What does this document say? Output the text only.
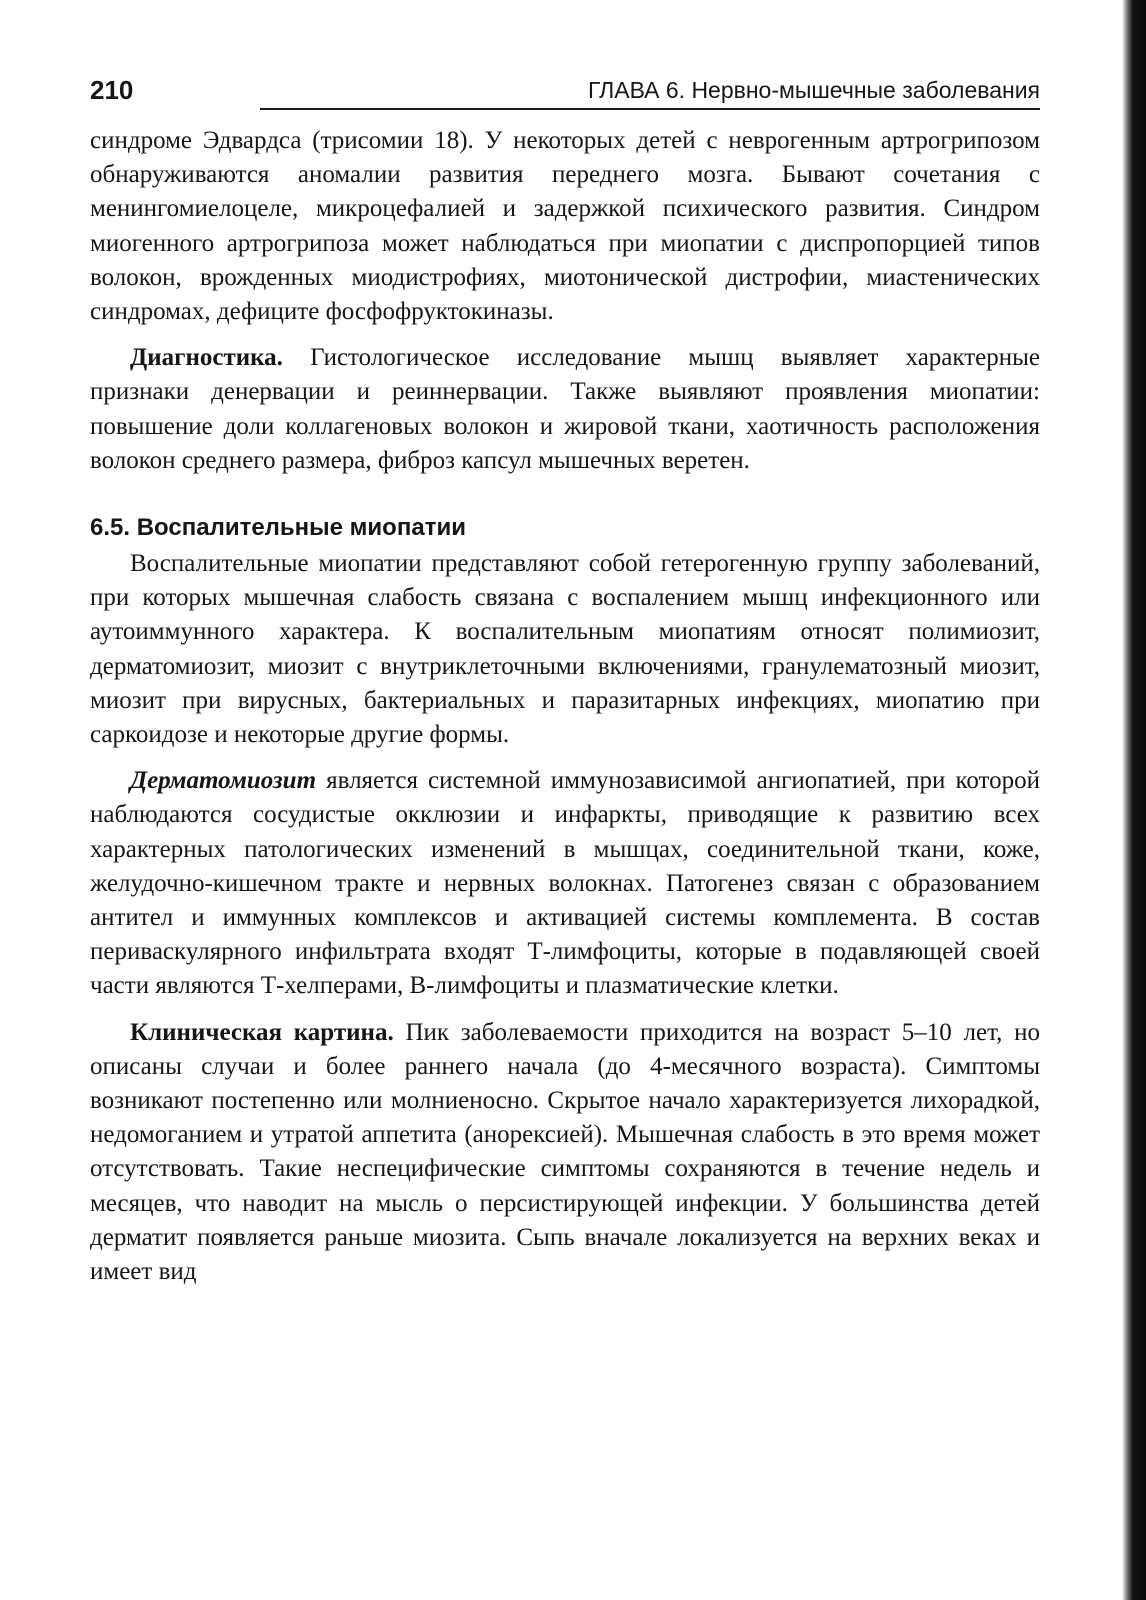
210	ГЛАВА 6. Нервно-мышечные заболевания

синдроме Эдвардса (трисомии 18). У некоторых детей с неврогенным артрогрипозом обнаруживаются аномалии развития переднего мозга. Бывают сочетания с менингомиелоцеле, микроцефалией и задержкой психического развития. Синдром миогенного артрогрипоза может наблюдаться при миопатии с диспропорцией типов волокон, врожденных миодистрофиях, миотонической дистрофии, миастенических синдромах, дефиците фосфофруктокиназы.

Диагностика. Гистологическое исследование мышц выявляет характерные признаки денервации и реиннервации. Также выявляют проявления миопатии: повышение доли коллагеновых волокон и жировой ткани, хаотичность расположения волокон среднего размера, фиброз капсул мышечных веретен.

6.5. Воспалительные миопатии

Воспалительные миопатии представляют собой гетерогенную группу заболеваний, при которых мышечная слабость связана с воспалением мышц инфекционного или аутоиммунного характера. К воспалительным миопатиям относят полимиозит, дерматомиозит, миозит с внутриклеточными включениями, гранулематозный миозит, миозит при вирусных, бактериальных и паразитарных инфекциях, миопатию при саркоидозе и некоторые другие формы.

Дерматомиозит является системной иммунозависимой ангиопатией, при которой наблюдаются сосудистые окклюзии и инфаркты, приводящие к развитию всех характерных патологических изменений в мышцах, соединительной ткани, коже, желудочно-кишечном тракте и нервных волокнах. Патогенез связан с образованием антител и иммунных комплексов и активацией системы комплемента. В состав периваскулярного инфильтрата входят Т-лимфоциты, которые в подавляющей своей части являются Т-хелперами, В-лимфоциты и плазматические клетки.

Клиническая картина. Пик заболеваемости приходится на возраст 5–10 лет, но описаны случаи и более раннего начала (до 4-месячного возраста). Симптомы возникают постепенно или молниеносно. Скрытое начало характеризуется лихорадкой, недомоганием и утратой аппетита (анорексией). Мышечная слабость в это время может отсутствовать. Такие неспецифические симптомы сохраняются в течение недель и месяцев, что наводит на мысль о персистирующей инфекции. У большинства детей дерматит появляется раньше миозита. Сыпь вначале локализуется на верхних веках и имеет вид
